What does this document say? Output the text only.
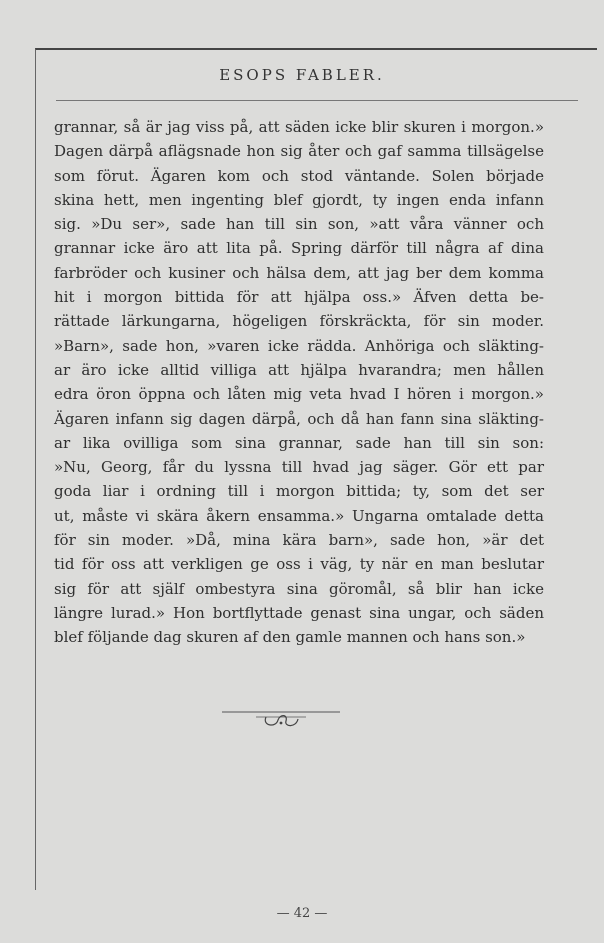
ESOPS FABLER.
grannar, så är jag viss på, att säden icke blir skuren i morgon.»
Dagen därpå aflägsnade hon sig åter och gaf samma tillsägelse
som förut. Ägaren kom och stod väntande. Solen började
skina hett, men ingenting blef gjordt, ty ingen enda infann
sig. »Du ser», sade han till sin son, »att våra vänner och
grannar icke äro att lita på. Spring därför till några af dina
farbröder och kusiner och hälsa dem, att jag ber dem komma
hit i morgon bittida för att hjälpa oss.» Äfven detta be-
rättade lärkungarna, högeligen förskräckta, för sin moder.
»Barn», sade hon, »varen icke rädda. Anhöriga och släkting-
ar äro icke alltid villiga att hjälpa hvarandra; men hållen
edra öron öppna och låten mig veta hvad I hören i morgon.»
Ägaren infann sig dagen därpå, och då han fann sina släkting-
ar lika ovilliga som sina grannar, sade han till sin son:
»Nu, Georg, får du lyssna till hvad jag säger. Gör ett par
goda liar i ordning till i morgon bittida; ty, som det ser
ut, måste vi skära åkern ensamma.» Ungarna omtalade detta
för sin moder. »Då, mina kära barn», sade hon, »är det
tid för oss att verkligen ge oss i väg, ty när en man beslutar
sig för att själf ombestyra sina göromål, så blir han icke
längre lurad.» Hon bortflyttade genast sina ungar, och säden
blef följande dag skuren af den gamle mannen och hans son.»
— 42 —
